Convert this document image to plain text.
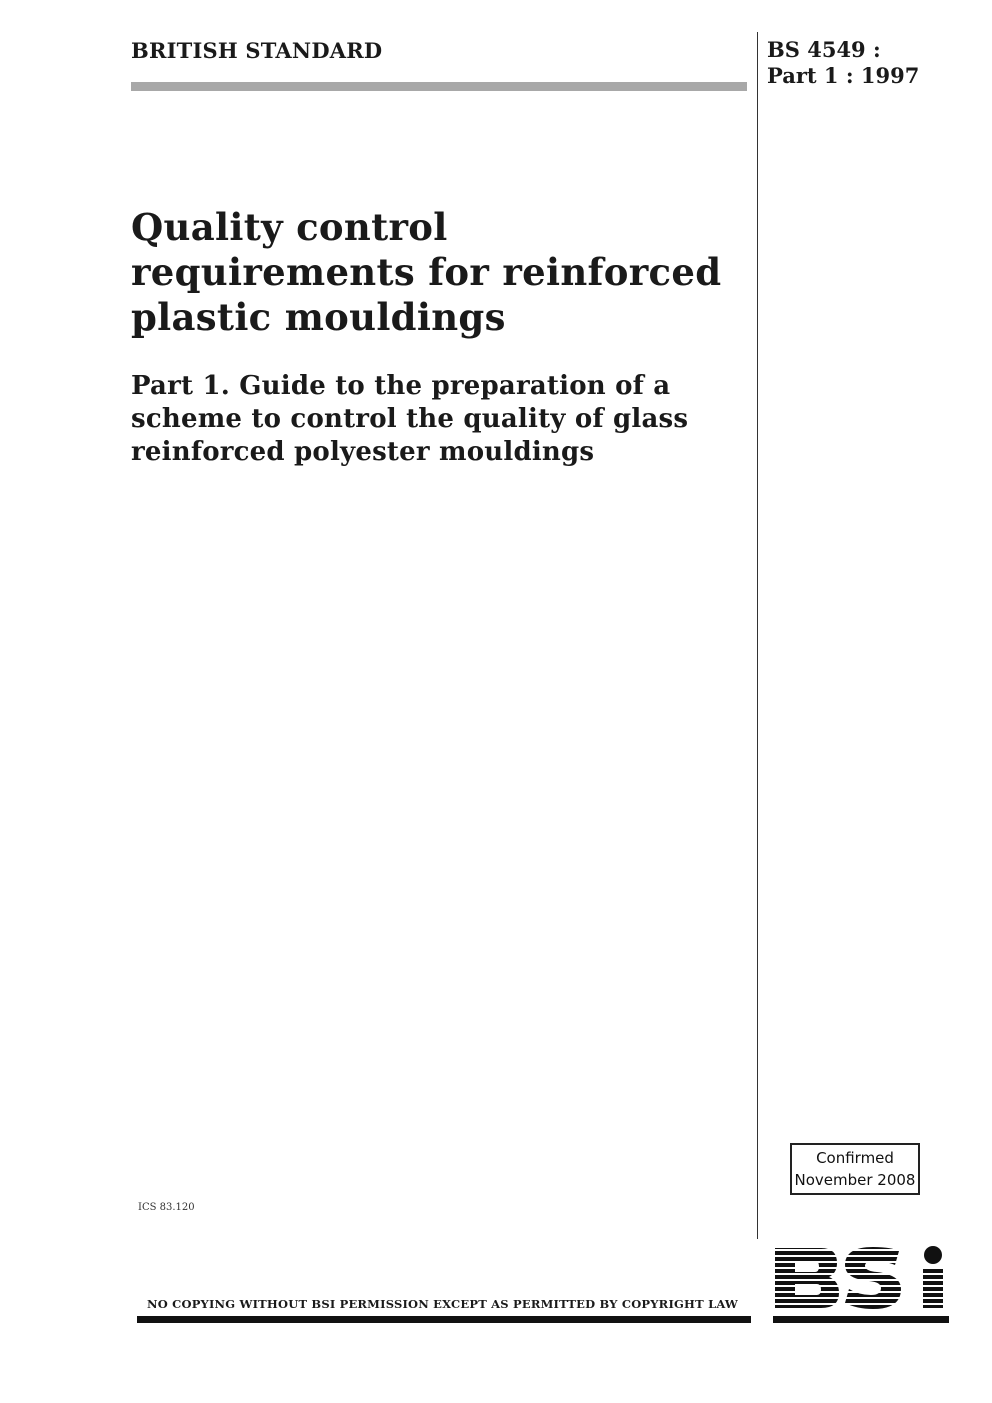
BRITISH STANDARD	BS 4549 :
Part 1 : 1997
Quality control requirements for reinforced plastic mouldings
Part 1. Guide to the preparation of a scheme to control the quality of glass reinforced polyester mouldings
Confirmed
November 2008
ICS 83.120
NO COPYING WITHOUT BSI PERMISSION EXCEPT AS PERMITTED BY COPYRIGHT LAW
